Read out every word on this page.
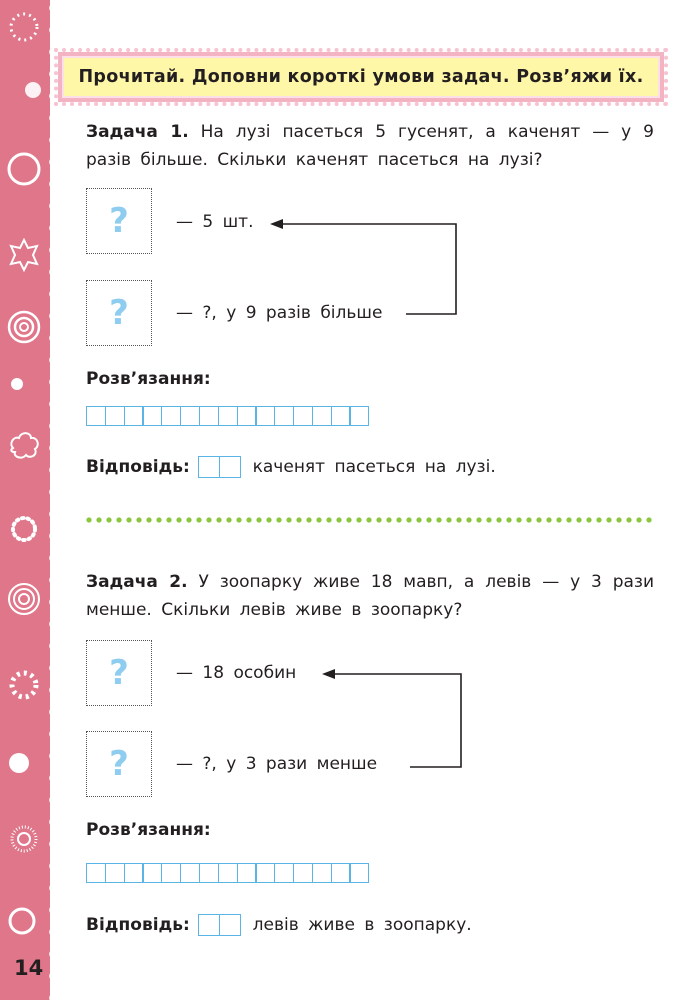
14
Прочитай. Доповни короткі умови задач. Розв’яжи їх.
Задача 1. На лузі пасеться 5 гусенят, а каченят — у 9 разів більше. Скільки каченят пасеться на лузі?
?	— 5 шт.
?	— ?, у 9 разів більше
Розв’язання:
Відповідь:	каченят пасеться на лузі.
Задача 2. У зоопарку живе 18 мавп, а левів — у 3 рази менше. Скільки левів живе в зоопарку?
?	— 18 особин
?	— ?, у 3 рази менше
Розв’язання:
Відповідь:	левів живе в зоопарку.
